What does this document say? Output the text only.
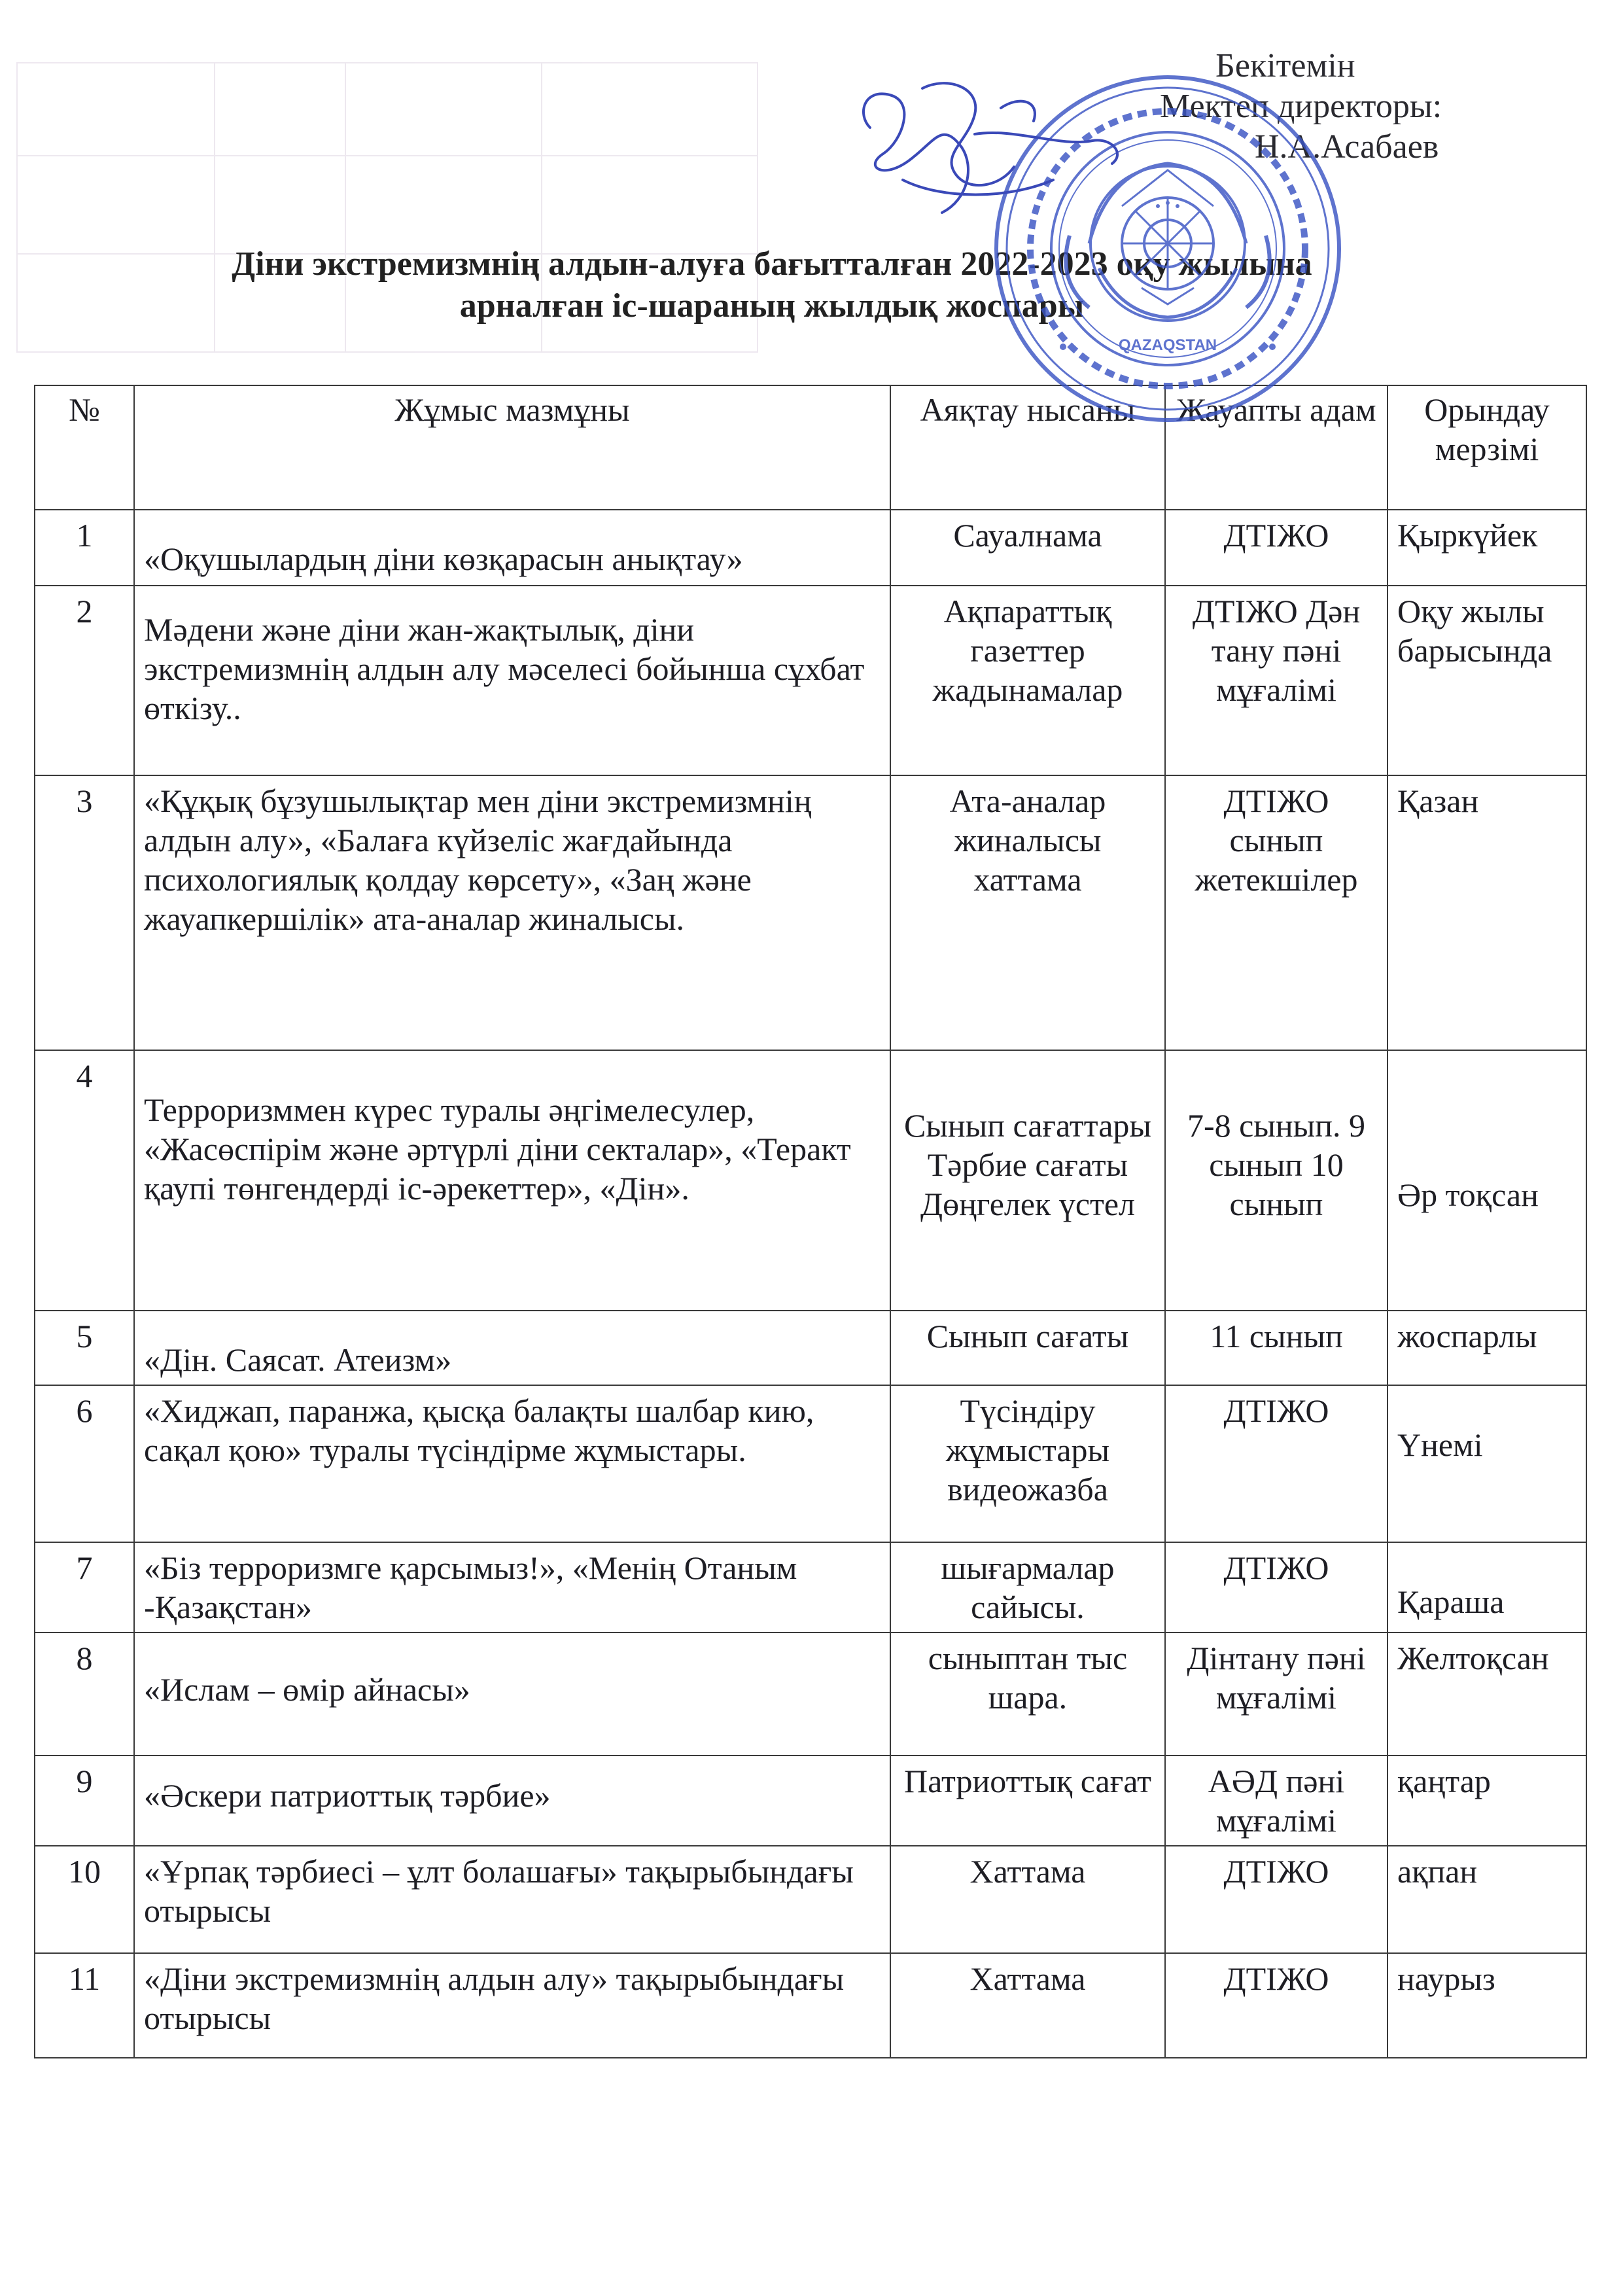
Бекітемін
Мектеп директоры:
Н.А.Асабаев
Діни экстремизмнің алдын-алуға бағытталған 2022-2023 оқу жылына
арналған іс-шараның жылдық жоспары
№	Жұмыс мазмұны	Аяқтау нысаны	Жауапты адам	Орындау мерзімі
1	«Оқушылардың діни көзқарасын анықтау»	Сауалнама	ДТІЖО	Қыркүйек
2	Мәдени және діни жан-жақтылық, діни экстремизмнің алдын алу мәселесі бойынша сұхбат өткізу..	Ақпараттық газеттер жадынамалар	ДТІЖО Дән тану пәні мұғалімі	Оқу жылы барысында
3	«Құқық бұзушылықтар мен діни экстремизмнің алдын алу», «Балаға күйзеліс жағдайында психологиялық қолдау көрсету», «Заң және жауапкершілік» ата-аналар жиналысы.	Ата-аналар жиналысы хаттама	ДТІЖО сынып жетекшілер	Қазан
4	Терроризммен күрес туралы әңгімелесулер, «Жасөспірім және әртүрлі діни секталар», «Теракт қаупі төнгендерді іс-әрекеттер», «Дін».	Сынып сағаттары Тәрбие сағаты Дөңгелек үстел	7-8 сынып. 9 сынып 10 сынып	Әр тоқсан
5	«Дін. Саясат. Атеизм»	Сынып сағаты	11 сынып	жоспарлы
6	«Хиджап, паранжа, қысқа балақты шалбар кию, сақал қою» туралы түсіндірме жұмыстары.	Түсіндіру жұмыстары видеожазба	ДТІЖО	Үнемі
7	«Біз терроризмге қарсымыз!», «Менің Отаным -Қазақстан»	шығармалар сайысы.	ДТІЖО	Қараша
8	«Ислам – өмір айнасы»	сыныптан тыс шара.	Дінтану пәні мұғалімі	Желтоқсан
9	«Әскери патриоттық тәрбие»	Патриоттық сағат	АӘД пәні мұғалімі	қаңтар
10	«Ұрпақ тәрбиесі – ұлт болашағы» тақырыбындағы отырысы	Хаттама	ДТІЖО	ақпан
11	«Діни экстремизмнің алдын алу» тақырыбындағы отырысы	Хаттама	ДТІЖО	наурыз
QAZAQSTAN
